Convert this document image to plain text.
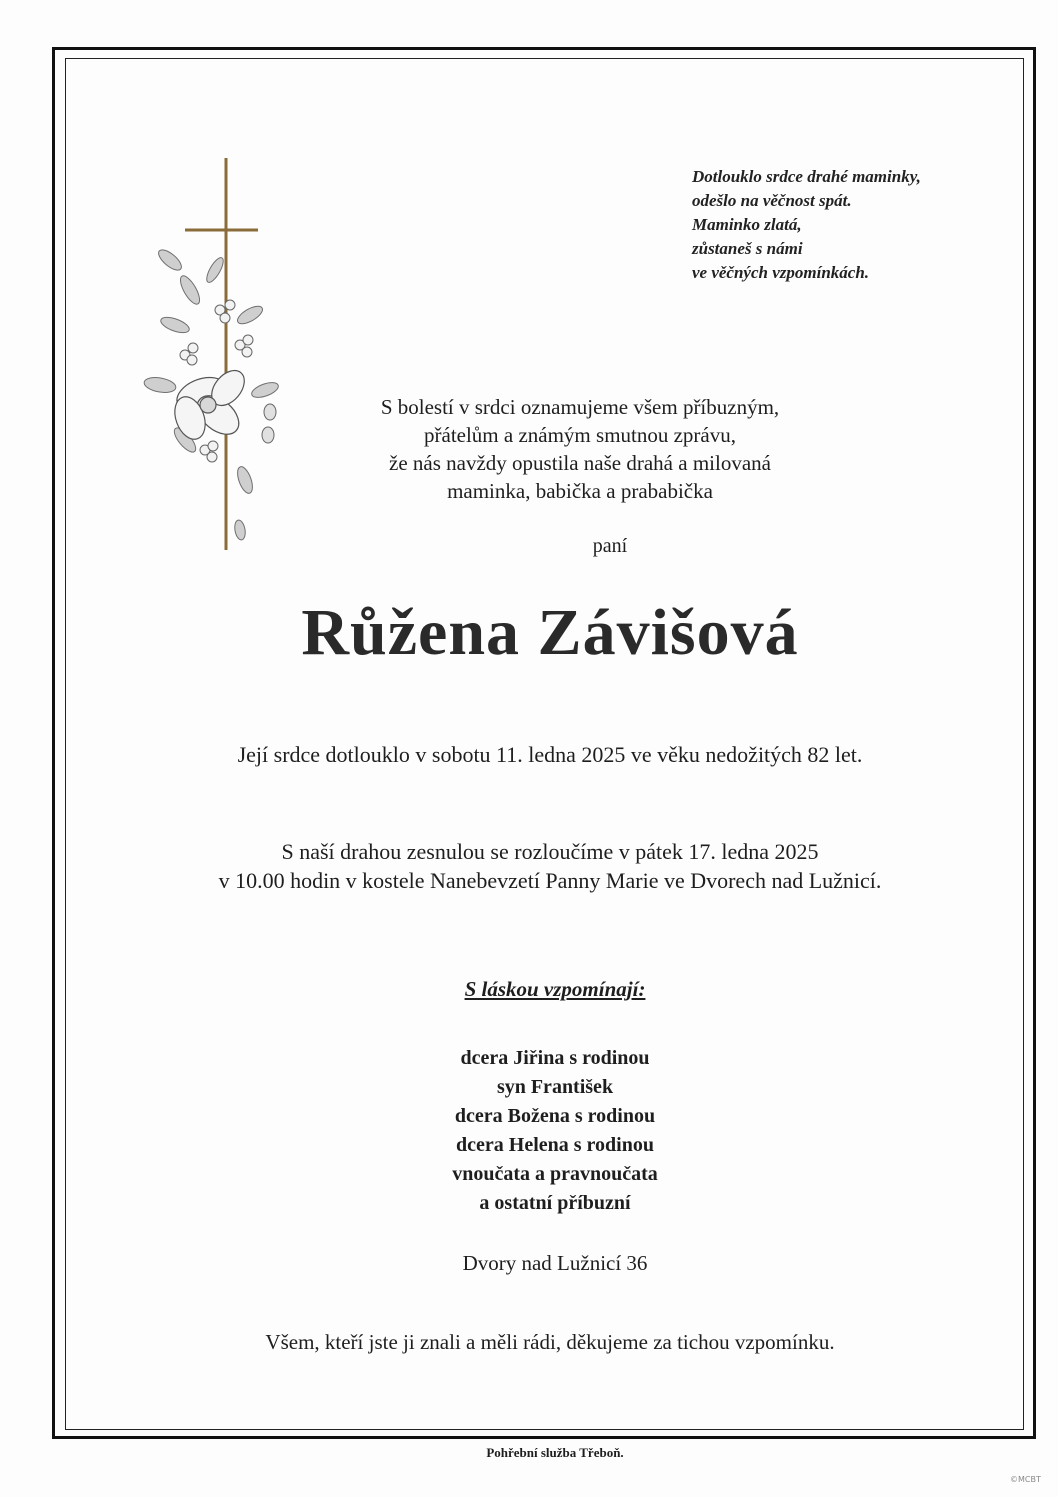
Dotlouklo srdce drahé maminky,
odešlo na věčnost spát.
Maminko zlatá,
zůstaneš s námi
ve věčných vzpomínkách.
S bolestí v srdci oznamujeme všem příbuzným,
přátelům a známým smutnou zprávu,
že nás navždy opustila naše drahá a milovaná
maminka, babička a prababička
paní
Růžena Závišová
Její srdce dotlouklo v sobotu 11. ledna 2025 ve věku nedožitých 82 let.
S naší drahou zesnulou se rozloučíme v pátek 17. ledna 2025
v 10.00 hodin v kostele Nanebevzetí Panny Marie ve Dvorech nad Lužnicí.
S láskou vzpomínají:
dcera Jiřina s rodinou
syn František
dcera Božena s rodinou
dcera Helena s rodinou
vnoučata a pravnoučata
a ostatní příbuzní
Dvory nad Lužnicí 36
Všem, kteří jste ji znali a měli rádi, děkujeme za tichou vzpomínku.
Pohřební služba Třeboň.
©MCBT
